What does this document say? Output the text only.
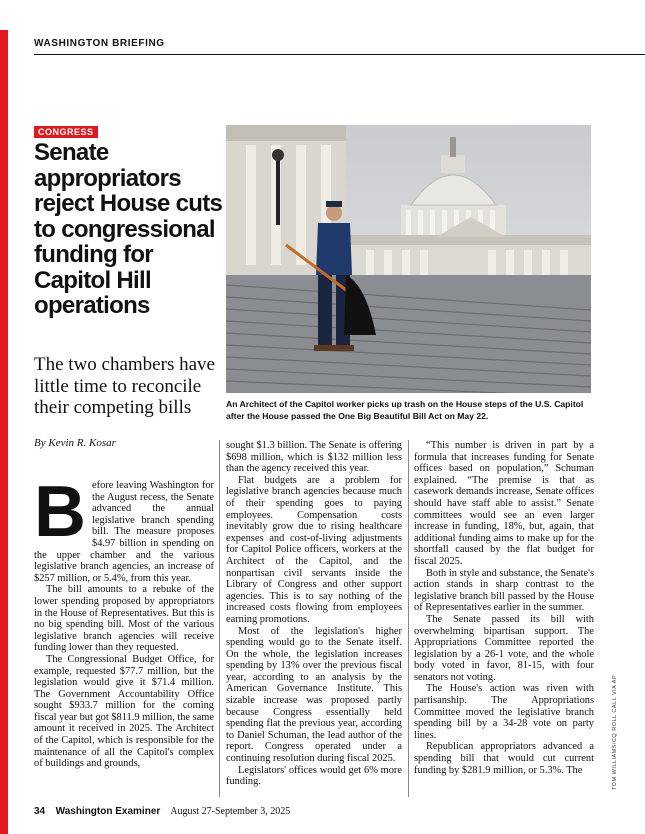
WASHINGTON BRIEFING
CONGRESS
Senate appropriators reject House cuts to congressional funding for Capitol Hill operations

The two chambers have little time to reconcile their competing bills

By Kevin R. Kosar

An Architect of the Capitol worker picks up trash on the House steps of the U.S. Capitol after the House passed the One Big Beautiful Bill Act on May 22.

TOM WILLIAMS/CQ ROLL CALL VIA AP

Before leaving Washington for the August recess, the Senate advanced the annual legislative branch spending bill. The measure proposes $4.97 billion in spending on the upper chamber and the various legislative branch agencies, an increase of $257 million, or 5.4%, from this year.

The bill amounts to a rebuke of the lower spending proposed by appropriators in the House of Representatives. But this is no big spending bill. Most of the various legislative branch agencies will receive funding lower than they requested.

The Congressional Budget Office, for example, requested $77.7 million, but the legislation would give it $71.4 million. The Government Accountability Office sought $933.7 million for the coming fiscal year but got $811.9 million, the same amount it received in 2025. The Architect of the Capitol, which is responsible for the maintenance of all the Capitol's complex of buildings and grounds,

sought $1.3 billion. The Senate is offering $698 million, which is $132 million less than the agency received this year.

Flat budgets are a problem for legislative branch agencies because much of their spending goes to paying employees. Compensation costs inevitably grow due to rising healthcare expenses and cost-of-living adjustments for Capitol Police officers, workers at the Architect of the Capitol, and the nonpartisan civil servants inside the Library of Congress and other support agencies. This is to say nothing of the increased costs flowing from employees earning promotions.

Most of the legislation's higher spending would go to the Senate itself. On the whole, the legislation increases spending by 13% over the previous fiscal year, according to an analysis by the American Governance Institute. This sizable increase was proposed partly because Congress essentially held spending flat the previous year, according to Daniel Schuman, the lead author of the report. Congress operated under a continuing resolution during fiscal 2025.

Legislators' offices would get 6% more funding.

“This number is driven in part by a formula that increases funding for Senate offices based on population,” Schuman explained. “The premise is that as casework demands increase, Senate offices should have staff able to assist.” Senate committees would see an even larger increase in funding, 18%, but, again, that additional funding aims to make up for the shortfall caused by the flat budget for fiscal 2025.

Both in style and substance, the Senate's action stands in sharp contrast to the legislative branch bill passed by the House of Representatives earlier in the summer.

The Senate passed its bill with overwhelming bipartisan support. The Appropriations Committee reported the legislation by a 26-1 vote, and the whole body voted in favor, 81-15, with four senators not voting.

The House's action was riven with partisanship. The Appropriations Committee moved the legislative branch spending bill by a 34-28 vote on party lines.

Republican appropriators advanced a spending bill that would cut current funding by $281.9 million, or 5.3%. The

34 Washington Examiner August 27-September 3, 2025
